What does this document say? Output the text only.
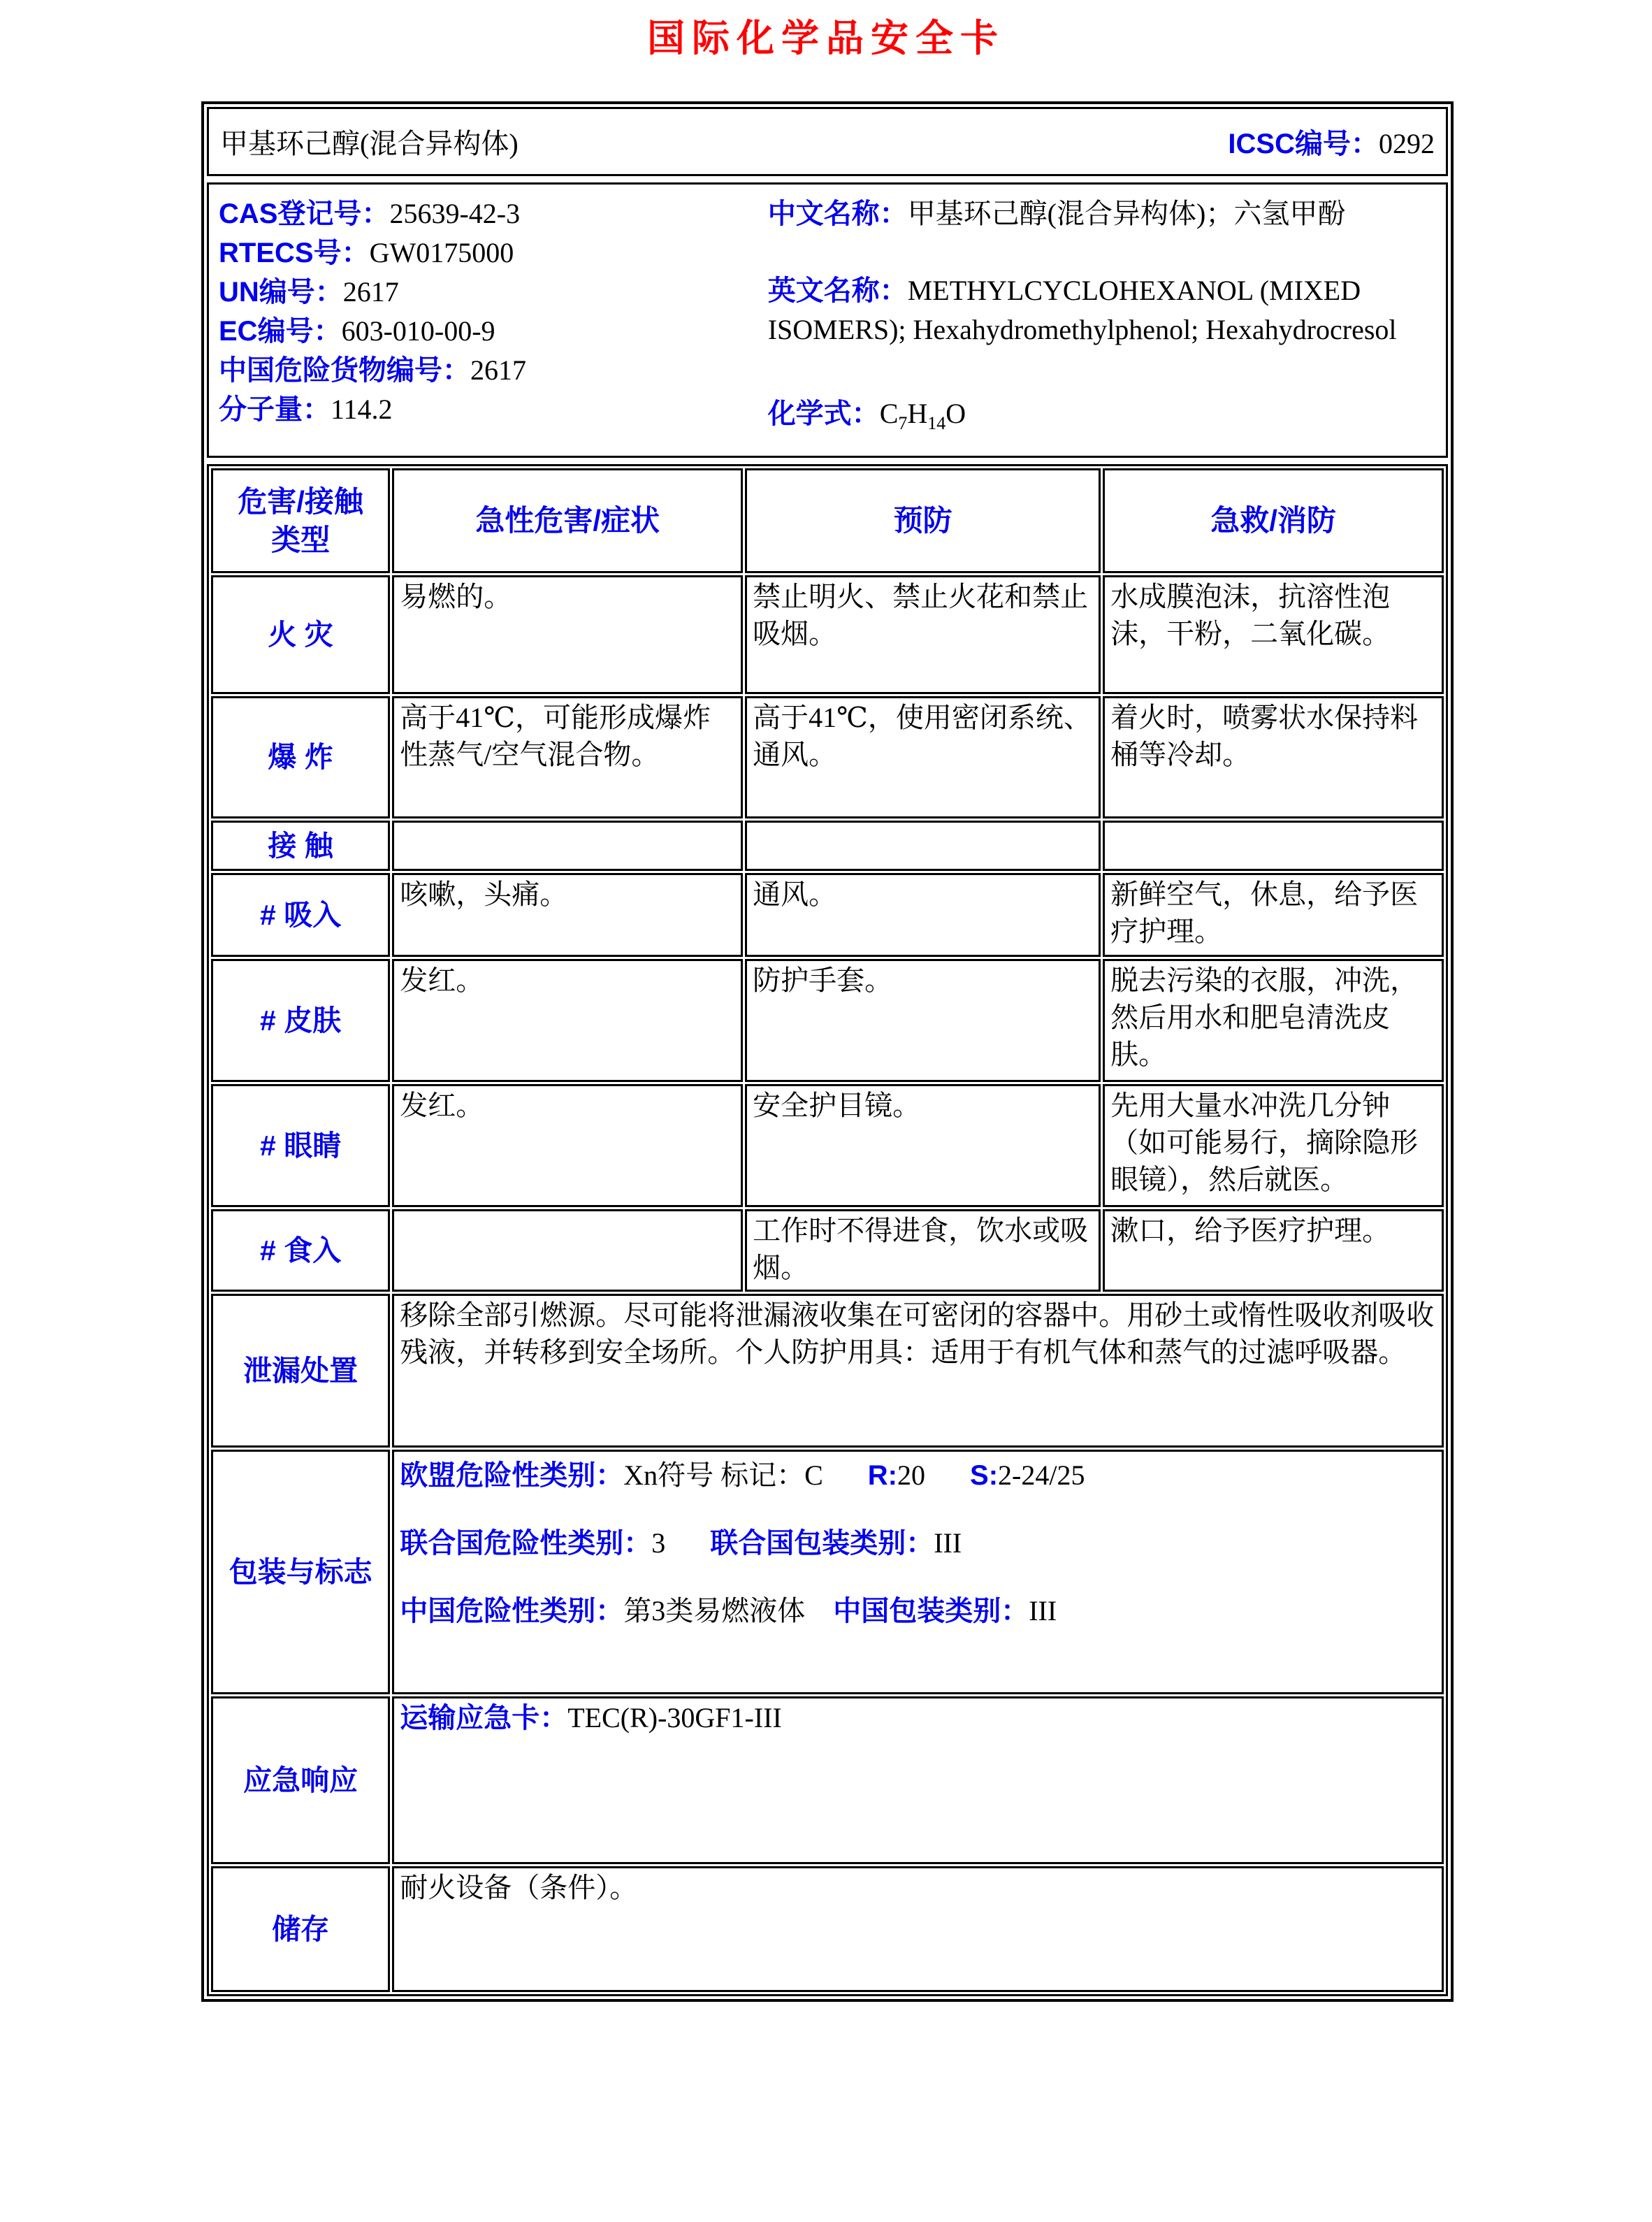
国际化学品安全卡
甲基环己醇(混合异构体)	ICSC编号：0292
CAS登记号：25639-42-3
RTECS号：GW0175000
UN编号：2617
EC编号：603-010-00-9
中国危险货物编号：2617
分子量：114.2
中文名称：甲基环己醇(混合异构体)；六氢甲酚
英文名称：METHYLCYCLOHEXANOL (MIXED ISOMERS); Hexahydromethylphenol; Hexahydrocresol
化学式：$C_7H_{14}O$
危害/接触
类型	急性危害/症状	预防	急救/消防
火 灾	易燃的。	禁止明火、禁止火花和禁止吸烟。	水成膜泡沫，抗溶性泡沫，干粉，二氧化碳。
爆 炸	高于41℃，可能形成爆炸性蒸气/空气混合物。	高于41℃，使用密闭系统、通风。	着火时，喷雾状水保持料桶等冷却。
接 触			
# 吸入	咳嗽，头痛。	通风。	新鲜空气，休息，给予医疗护理。
# 皮肤	发红。	防护手套。	脱去污染的衣服，冲洗，然后用水和肥皂清洗皮肤。
# 眼睛	发红。	安全护目镜。	先用大量水冲洗几分钟（如可能易行，摘除隐形眼镜），然后就医。
# 食入		工作时不得进食，饮水或吸烟。	漱口，给予医疗护理。
泄漏处置	移除全部引燃源。尽可能将泄漏液收集在可密闭的容器中。用砂土或惰性吸收剂吸收残液，并转移到安全场所。个人防护用具：适用于有机气体和蒸气的过滤呼吸器。		
包装与标志	欧盟危险性类别：Xn符号 标记：C R:20 S:2-24/25
联合国危险性类别：3 联合国包装类别：III
中国危险性类别：第3类易燃液体 中国包装类别：III		

应急响应	运输应急卡：TEC(R)-30GF1-III		
储存	耐火设备（条件）。		
